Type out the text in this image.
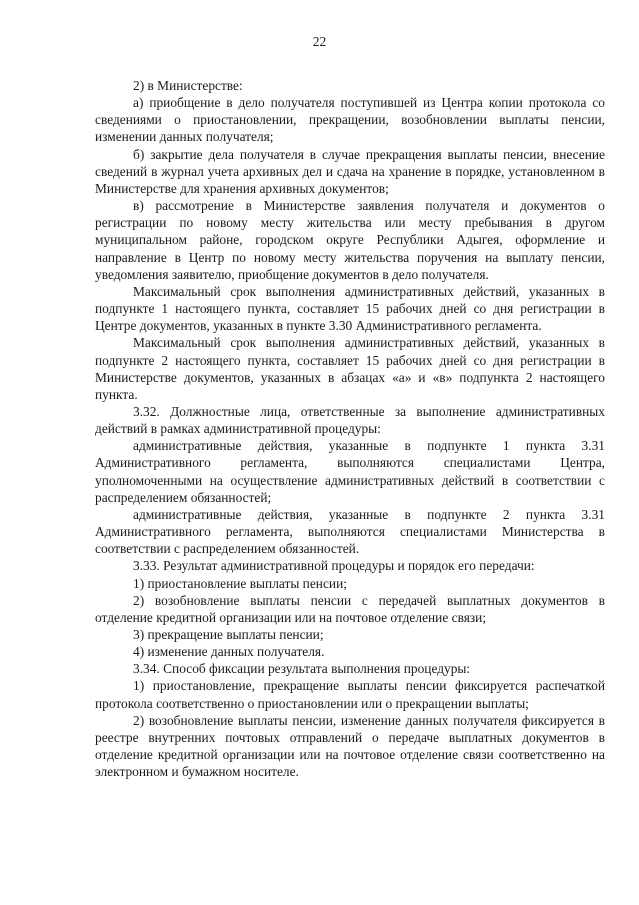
22

2) в Министерстве:

а) приобщение в дело получателя поступившей из Центра копии протокола со сведениями о приостановлении, прекращении, возобновлении выплаты пенсии, изменении данных получателя;

б) закрытие дела получателя в случае прекращения выплаты пенсии, внесение сведений в журнал учета архивных дел и сдача на хранение в порядке, установленном в Министерстве для хранения архивных документов;

в) рассмотрение в Министерстве заявления получателя и документов о регистрации по новому месту жительства или месту пребывания в другом муниципальном районе, городском округе Республики Адыгея, оформление и направление в Центр по новому месту жительства поручения на выплату пенсии, уведомления заявителю, приобщение документов в дело получателя.

Максимальный срок выполнения административных действий, указанных в подпункте 1 настоящего пункта, составляет 15 рабочих дней со дня регистрации в Центре документов, указанных в пункте 3.30 Административного регламента.

Максимальный срок выполнения административных действий, указанных в подпункте 2 настоящего пункта, составляет 15 рабочих дней со дня регистрации в Министерстве документов, указанных в абзацах «а» и «в» подпункта 2 настоящего пункта.

3.32. Должностные лица, ответственные за выполнение административных действий в рамках административной процедуры:

административные действия, указанные в подпункте 1 пункта 3.31 Административного регламента, выполняются специалистами Центра, уполномоченными на осуществление административных действий в соответствии с распределением обязанностей;

административные действия, указанные в подпункте 2 пункта 3.31 Административного регламента, выполняются специалистами Министерства в соответствии с распределением обязанностей.

3.33. Результат административной процедуры и порядок его передачи:

1) приостановление выплаты пенсии;

2) возобновление выплаты пенсии с передачей выплатных документов в отделение кредитной организации или на почтовое отделение связи;

3) прекращение выплаты пенсии;

4) изменение данных получателя.

3.34. Способ фиксации результата выполнения процедуры:

1) приостановление, прекращение выплаты пенсии фиксируется распечаткой протокола соответственно о приостановлении или о прекращении выплаты;

2) возобновление выплаты пенсии, изменение данных получателя фиксируется в реестре внутренних почтовых отправлений о передаче выплатных документов в отделение кредитной организации или на почтовое отделение связи соответственно на электронном и бумажном носителе.
